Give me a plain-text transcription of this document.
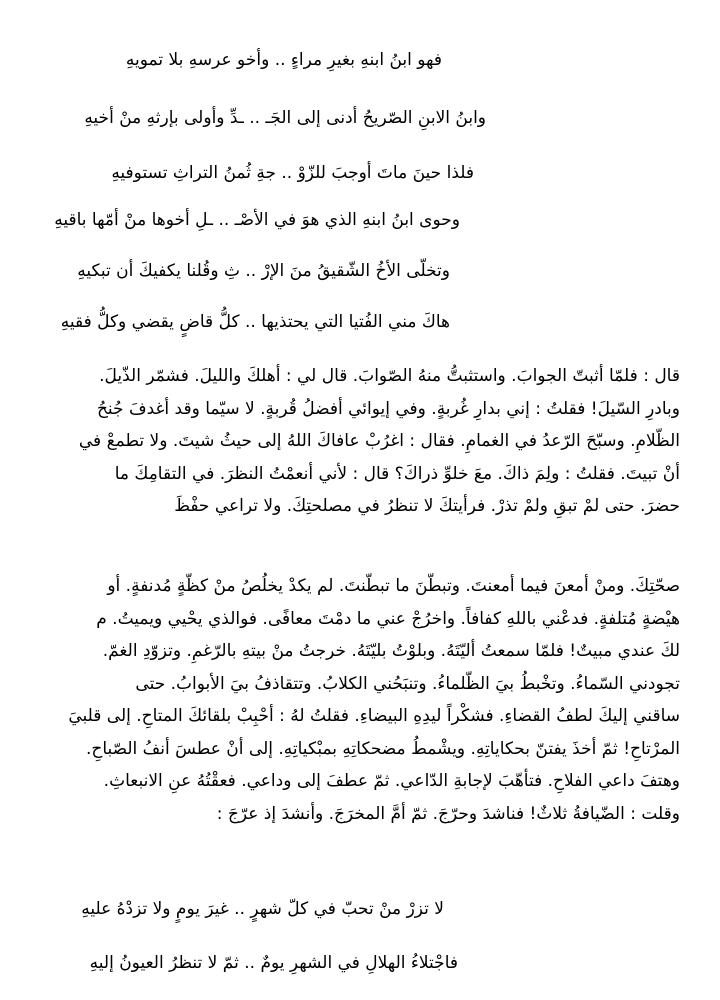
فهو ابنُ ابنهِ بغيرِ مراءٍ .. وأخو عرسهِ بلا تمويهِ
وابنُ الابنِ الصّريحُ أدنى إلى الجَـ .. ـدِّ وأولى بإرثهِ منْ أخيهِ
فلذا حينَ ماتَ أوجبَ للزّوْ .. جةِ ثُمنُ التراثِ تستوفيهِ
وحوى ابنُ ابنهِ الذي هوَ في الأصْـ .. ـلِ أخوها منْ أمّها باقيهِ
وتخلّى الأخُ الشّقيقُ منَ الإرْ .. ثِ وقُلنا يكفيكَ أن تبكيهِ
هاكَ مني الفُتيا التي يحتذيها .. كلُّ قاضٍ يقضي وكلُّ فقيهِ

قال : فلمّا أثبتّ الجوابَ. واستثبتُّ منهُ الصّوابَ. قال لي : أهلكَ والليلَ. فشمّر الذّيلَ.

وبادرِ السّيلَ! فقلتُ : إني بدارِ غُربةٍ. وفي إيوائي أفضلُ قُربةٍ. لا سيّما وقد أغدفَ جُنحُ

الظّلامِ. وسبّحَ الرّعدُ في الغمامِ. فقال : اغرُبْ عافاكَ اللهُ إلى حيثُ شيتَ. ولا تطمعْ في

أنْ تبيتَ. فقلتُ : ولِمَ ذاكَ. معَ خلوِّ ذراكَ؟ قال : لأني أنعمْتُ النظرَ. في التقامِكَ ما

حضرَ. حتى لمْ تبقِ ولمْ تذرْ. فرأيتكَ لا تنظرُ في مصلحتِكَ. ولا تراعي حفْظَ

صحّتِكَ. ومنْ أمعنَ فيما أمعنتَ. وتبطّنَ ما تبطّنتَ. لم يكدْ يخلُصُ منْ كظّةٍ مُدنفةٍ. أو

هيْضةٍ مُتلفةٍ. فدعْني باللهِ كفافاً. واخرُجْ عني ما دمْتَ معافًى. فوالذي يحْيي ويميتُ. م

لكَ عندي مبيتٌ! فلمّا سمعتُ أليّتَهُ. وبلوْتُ بليّتَهُ. خرجتُ منْ بيتهِ بالرّغمِ. وتزوّدِ الغمّ.

تجودني السّماءُ. وتخْبطُ بيَ الظّلماءُ. وتنبَحُني الكلابُ. وتتقاذفُ بيَ الأبوابُ. حتى

ساقني إليكَ لطفُ القضاءِ. فشكْراً ليدِهِ البيضاءِ. فقلتُ لهُ : أحْبِبْ بلقائكَ المتاحِ. إلى قلبيَ

المرْتاحِ! ثمّ أخذَ يفتنّ بحكاياتِهِ. ويشْمطُ مضحكاتِهِ بمبْكياتِهِ. إلى أنْ عطسَ أنفُ الصّباحِ.

وهتفَ داعي الفلاحِ. فتأهّبَ لإجابةِ الدّاعي. ثمّ عطفَ إلى وداعي. فعقْتُهُ عنِ الانبعاثِ.

وقلت : الضّيافةُ ثلاثٌ! فناشدَ وحرّجَ. ثمّ أمَّ المخرَجَ. وأنشدَ إذ عرّجَ :

لا تزرْ منْ تحبّ في كلّ شهرٍ .. غيرَ يومٍ ولا تزدْهُ عليهِ
فاجْتلاءُ الهلالِ في الشهرِ يومٌ .. ثمّ لا تنظرُ العيونُ إليهِ
